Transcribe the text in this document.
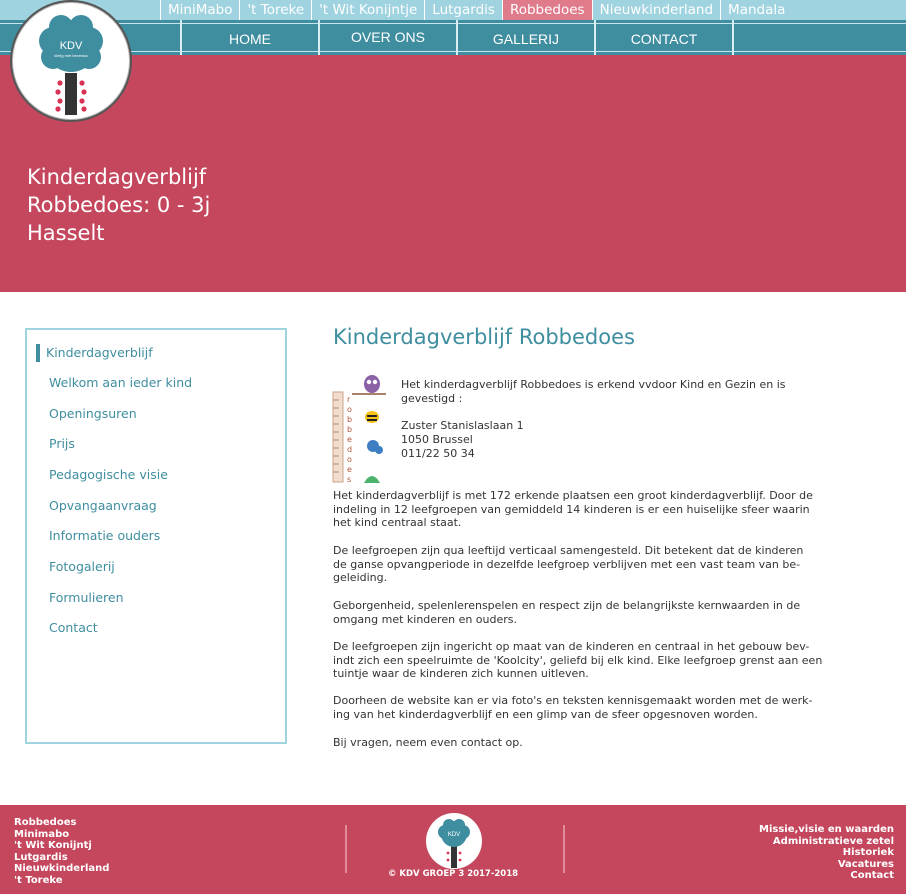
MiniMabo	't Toreke	't Wit Konijntje	Lutgardis	Robbedoes	Nieuwkinderland	Mandala
HOME	OVER ONS	GALLERIJ	CONTACT
Kinderdagverblijf
Robbedoes: 0 - 3j
Hasselt
KDV
kleiig met bevenka
Kinderdagverblijf
Welkom aan ieder kind
Openingsuren
Prijs
Pedagogische visie
Opvangaanvraag
Informatie ouders
Fotogalerij
Formulieren
Contact
Kinderdagverblijf Robbedoes
r
o
b
b
e
d
o
e
s
Het kinderdagverblijf Robbedoes is erkend vvdoor Kind en Gezin en is
gevestigd :
Zuster Stanislaslaan 1
1050 Brussel
011/22 50 34
Het kinderdagverblijf is met 172 erkende plaatsen een groot kinderdagverblijf. Door de
indeling in 12 leefgroepen van gemiddeld 14 kinderen is er een huiselijke sfeer waarin
het kind centraal staat.
De leefgroepen zijn qua leeftijd verticaal samengesteld. Dit betekent dat de kinderen
de ganse opvangperiode in dezelfde leefgroep verblijven met een vast team van be-
geleiding.
Geborgenheid, spelenlerenspelen en respect zijn de belangrijkste kernwaarden in de
omgang met kinderen en ouders.
De leefgroepen zijn ingericht op maat van de kinderen en centraal in het gebouw bev-
indt zich een speelruimte de 'Koolcity', geliefd bij elk kind. Elke leefgroep grenst aan een
tuintje waar de kinderen zich kunnen uitleven.
Doorheen de website kan er via foto's en teksten kennisgemaakt worden met de werk-
ing van het kinderdagverblijf en een glimp van de sfeer opgesnoven worden.
Bij vragen, neem even contact op.
Robbedoes
Minimabo
't Wit Konijntj
Lutgardis
Nieuwkinderland
't Toreke
KDV
© KDV GROEP 3 2017-2018
Missie,visie en waarden
Administratieve zetel
Historiek
Vacatures
Contact
